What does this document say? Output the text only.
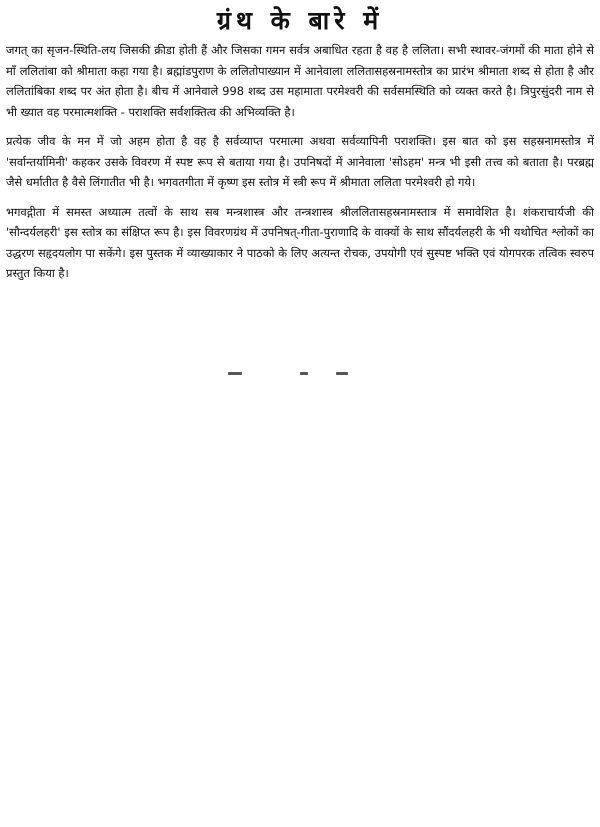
ग्रंथ के बारे में

जगत् का सृजन-स्थिति-लय जिसकी क्रीडा होती हैं और जिसका गमन सर्वत्र अबाधित रहता है वह है ललिता। सभी स्थावर-जंगमों की माता होने से माँ ललितांबा को श्रीमाता कहा गया है। ब्रह्मांडपुराण के ललितोपाख्यान में आनेवाला ललितासहस्रनामस्तोत्र का प्रारंभ श्रीमाता शब्द से होता है और ललितांबिका शब्द पर अंत होता है। बीच में आनेवाले 998 शब्द उस महामाता परमेश्वरी की सर्वसमस्थिति को व्यक्त करते है। त्रिपुरसुंदरी नाम से भी ख्यात वह परमात्मशक्ति - पराशक्ति सर्वशक्तित्व की अभिव्यक्ति है।

प्रत्येक जीव के मन में जो अहम होता है वह है सर्वव्याप्त परमात्मा अथवा सर्वव्यापिनी पराशक्ति। इस बात को इस सहस्रनामस्तोत्र में 'सर्वान्तर्यामिनी' कहकर उसके विवरण में स्पष्ट रूप से बताया गया है। उपनिषदों में आनेवाला 'सोऽहम' मन्त्र भी इसी तत्त्व को बताता है। परब्रह्म जैसे धर्मातीत है वैसे लिंगातीत भी है। भगवतगीता में कृष्ण इस स्तोत्र में स्त्री रूप में श्रीमाता ललिता परमेश्वरी हो गये।

भगवद्गीता में समस्त अध्यात्म तत्वों के साथ सब मन्त्रशास्त्र और तन्त्रशास्त्र श्रीललितासहस्रनामस्तात्र में समावेशित है। शंकराचार्यजी की 'सौन्दर्यलहरी' इस स्तोत्र का संक्षिप्त रूप है। इस विवरणग्रंथ में उपनिषत्-गीता-पुराणादि के वाक्यों के साथ सौंदर्यलहरी के भी यथोचित श्लोकों का उद्धरण सहृदयलोग पा सकेंगे। इस पुस्तक में व्याख्याकार ने पाठको के लिए अत्यन्त रोचक, उपयोगी एवं सुस्पष्ट भक्ति एवं योगपरक तत्विक स्वरुप प्रस्तुत किया है।
